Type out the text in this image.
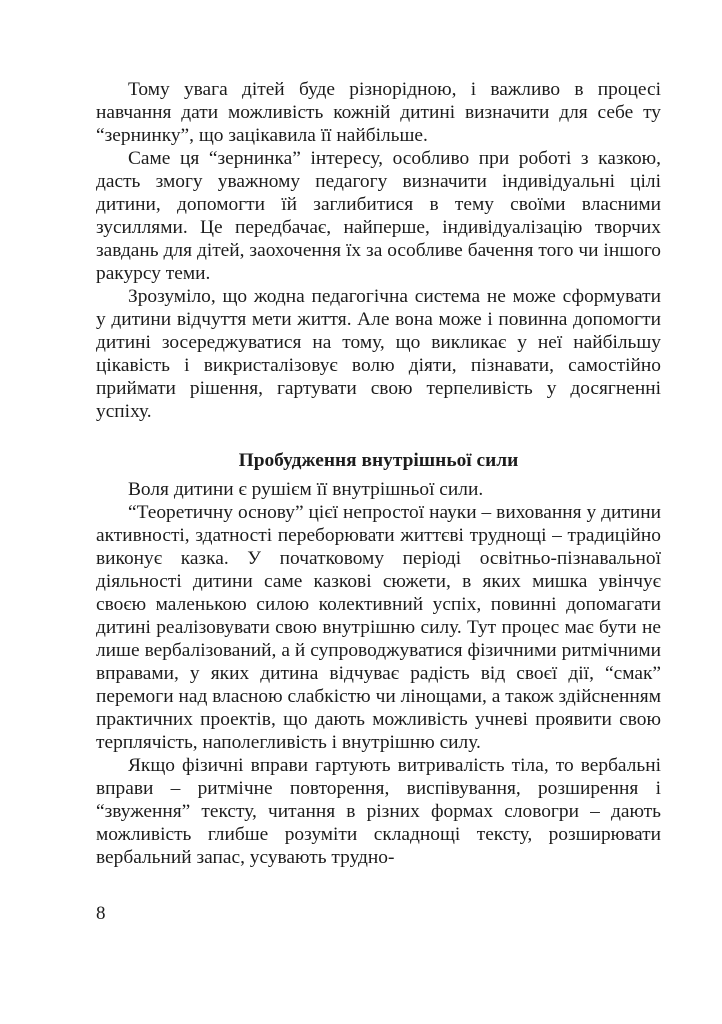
Тому увага дітей буде різнорідною, і важливо в процесі навчання дати можливість кожній дитині визначити для себе ту “зернинку”, що зацікавила її найбільше.

Саме ця “зернинка” інтересу, особливо при роботі з казкою, дасть змогу уважному педагогу визначити індивідуальні цілі дитини, допомогти їй заглибитися в тему своїми власними зусиллями. Це передбачає, найперше, індивідуалізацію творчих завдань для дітей, заохочення їх за особливе бачення того чи іншого ракурсу теми.

Зрозуміло, що жодна педагогічна система не може сформувати у дитини відчуття мети життя. Але вона може і повинна допомогти дитині зосереджуватися на тому, що викликає у неї найбільшу цікавість і викристалізовує волю діяти, пізнавати, самостійно приймати рішення, гартувати свою терпеливість у досягненні успіху.

Пробудження внутрішньої сили

Воля дитини є рушієм її внутрішньої сили.

“Теоретичну основу” цієї непростої науки – виховання у дитини активності, здатності переборювати життєві труднощі – традиційно виконує казка. У початковому періоді освітньо-пізнавальної діяльності дитини саме казкові сюжети, в яких мишка увінчує своєю маленькою силою колективний успіх, повинні допомагати дитині реалізовувати свою внутрішню силу. Тут процес має бути не лише вербалізований, а й супроводжуватися фізичними ритмічними вправами, у яких дитина відчуває радість від своєї дії, “смак” перемоги над власною слабкістю чи лінощами, а також здійсненням практичних проектів, що дають можливість учневі проявити свою терплячість, наполегливість і внутрішню силу.

Якщо фізичні вправи гартують витривалість тіла, то вербальні вправи – ритмічне повторення, виспівування, розширення і “звуження” тексту, читання в різних формах словогри – дають можливість глибше розуміти складнощі тексту, розширювати вербальний запас, усувають трудно-

8
